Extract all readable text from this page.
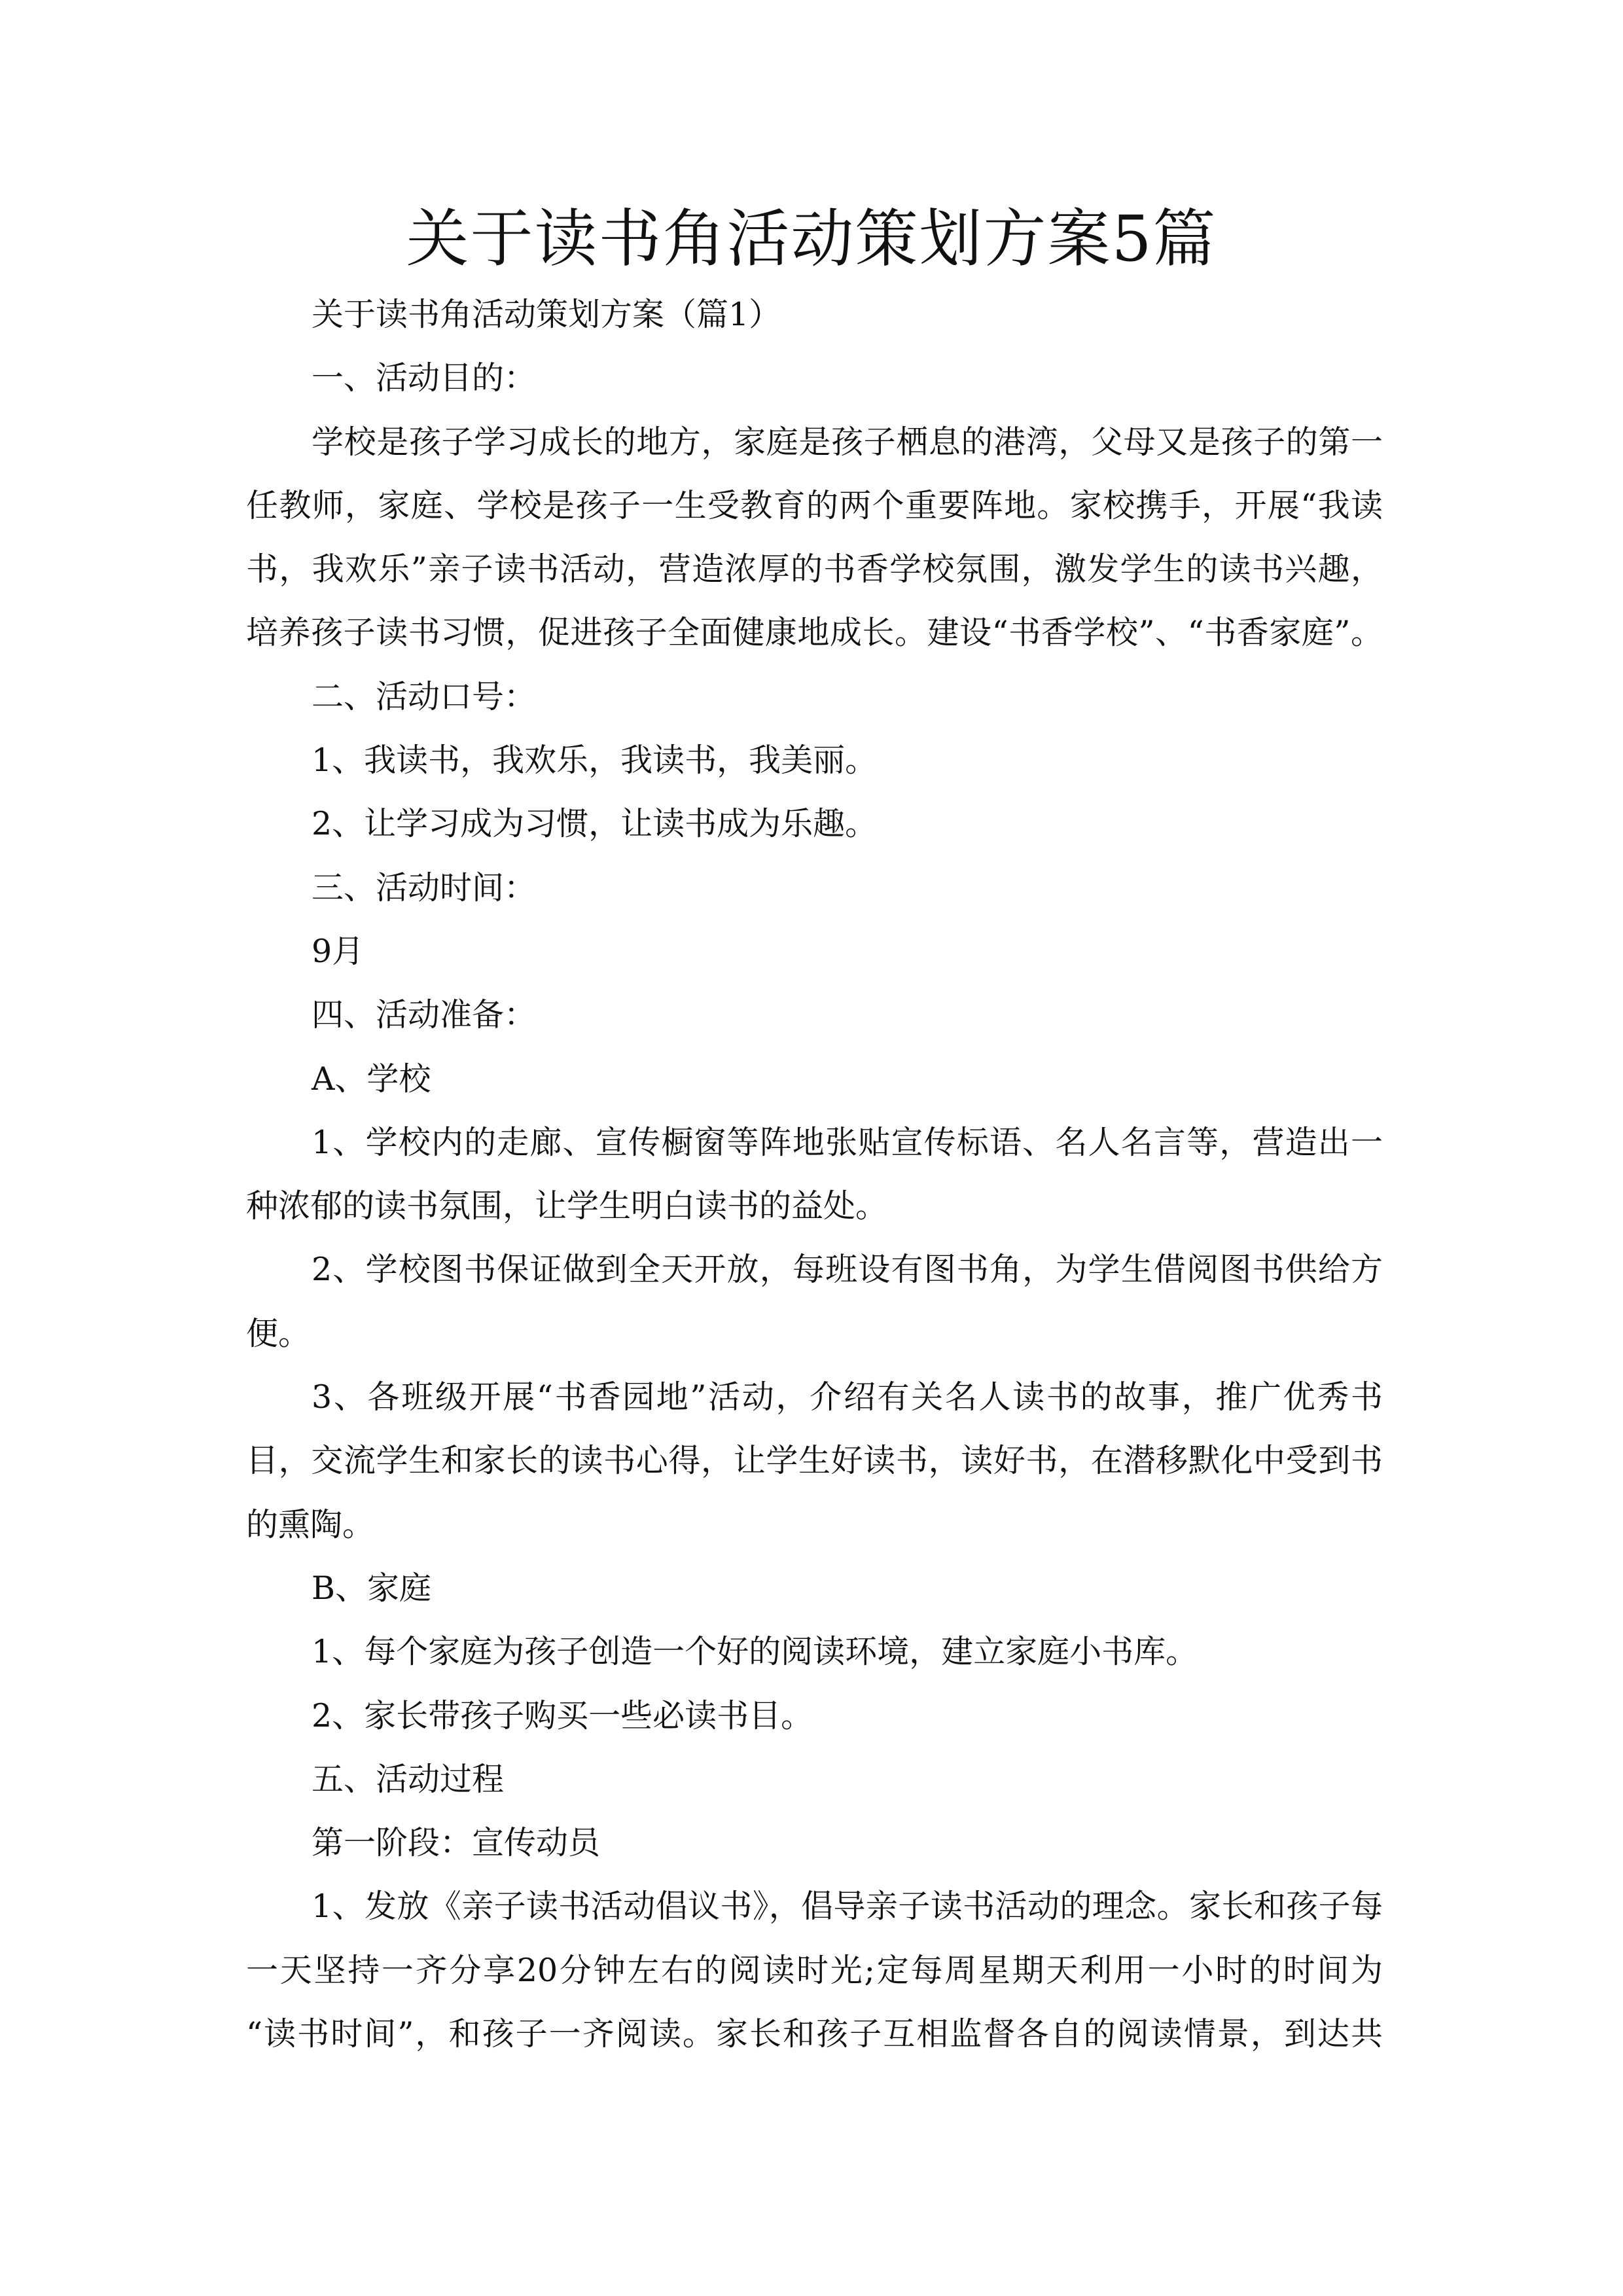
关于读书角活动策划方案5篇
关于读书角活动策划方案（篇1）
一、活动目的：
学校是孩子学习成长的地方，家庭是孩子栖息的港湾，父母又是孩子的第一
任教师，家庭、学校是孩子一生受教育的两个重要阵地。家校携手，开展“我读
书，我欢乐”亲子读书活动，营造浓厚的书香学校氛围，激发学生的读书兴趣，
培养孩子读书习惯，促进孩子全面健康地成长。建设“书香学校”、“书香家庭”。
二、活动口号：
1、我读书，我欢乐，我读书，我美丽。
2、让学习成为习惯，让读书成为乐趣。
三、活动时间：
9月
四、活动准备：
A、学校
1、学校内的走廊、宣传橱窗等阵地张贴宣传标语、名人名言等，营造出一
种浓郁的读书氛围，让学生明白读书的益处。
2、学校图书保证做到全天开放，每班设有图书角，为学生借阅图书供给方
便。
3、各班级开展“书香园地”活动，介绍有关名人读书的故事，推广优秀书
目，交流学生和家长的读书心得，让学生好读书，读好书，在潜移默化中受到书
的熏陶。
B、家庭
1、每个家庭为孩子创造一个好的阅读环境，建立家庭小书库。
2、家长带孩子购买一些必读书目。
五、活动过程
第一阶段：宣传动员
1、发放《亲子读书活动倡议书》，倡导亲子读书活动的理念。家长和孩子每
一天坚持一齐分享20分钟左右的阅读时光;定每周星期天利用一小时的时间为
“读书时间”，和孩子一齐阅读。家长和孩子互相监督各自的阅读情景，到达共
